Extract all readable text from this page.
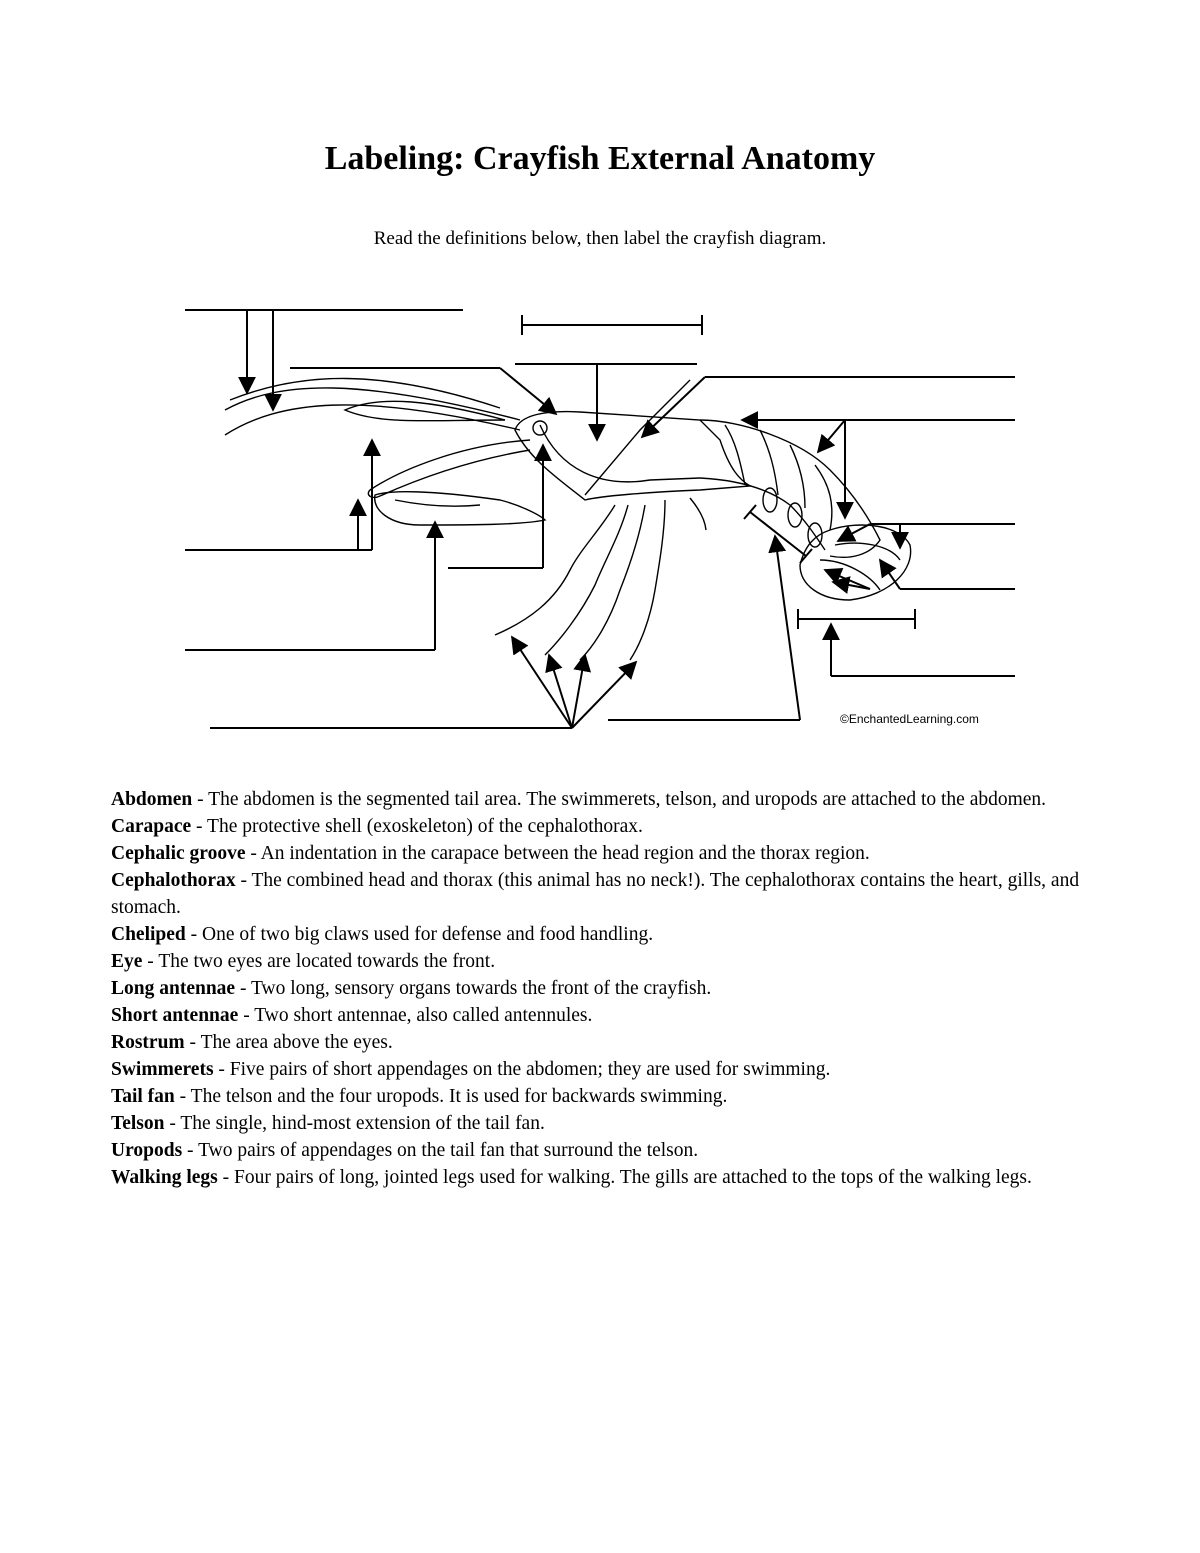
Labeling: Crayfish External Anatomy
Read the definitions below, then label the crayfish diagram.
©EnchantedLearning.com

Abdomen - The abdomen is the segmented tail area. The swimmerets, telson, and uropods are attached to the abdomen.

Carapace - The protective shell (exoskeleton) of the cephalothorax.

Cephalic groove - An indentation in the carapace between the head region and the thorax region.

Cephalothorax - The combined head and thorax (this animal has no neck!). The cephalothorax contains the heart, gills, and stomach.

Cheliped - One of two big claws used for defense and food handling.

Eye - The two eyes are located towards the front.

Long antennae - Two long, sensory organs towards the front of the crayfish.

Short antennae - Two short antennae, also called antennules.

Rostrum - The area above the eyes.

Swimmerets - Five pairs of short appendages on the abdomen; they are used for swimming.

Tail fan - The telson and the four uropods. It is used for backwards swimming.

Telson - The single, hind-most extension of the tail fan.

Uropods - Two pairs of appendages on the tail fan that surround the telson.

Walking legs - Four pairs of long, jointed legs used for walking. The gills are attached to the tops of the walking legs.
